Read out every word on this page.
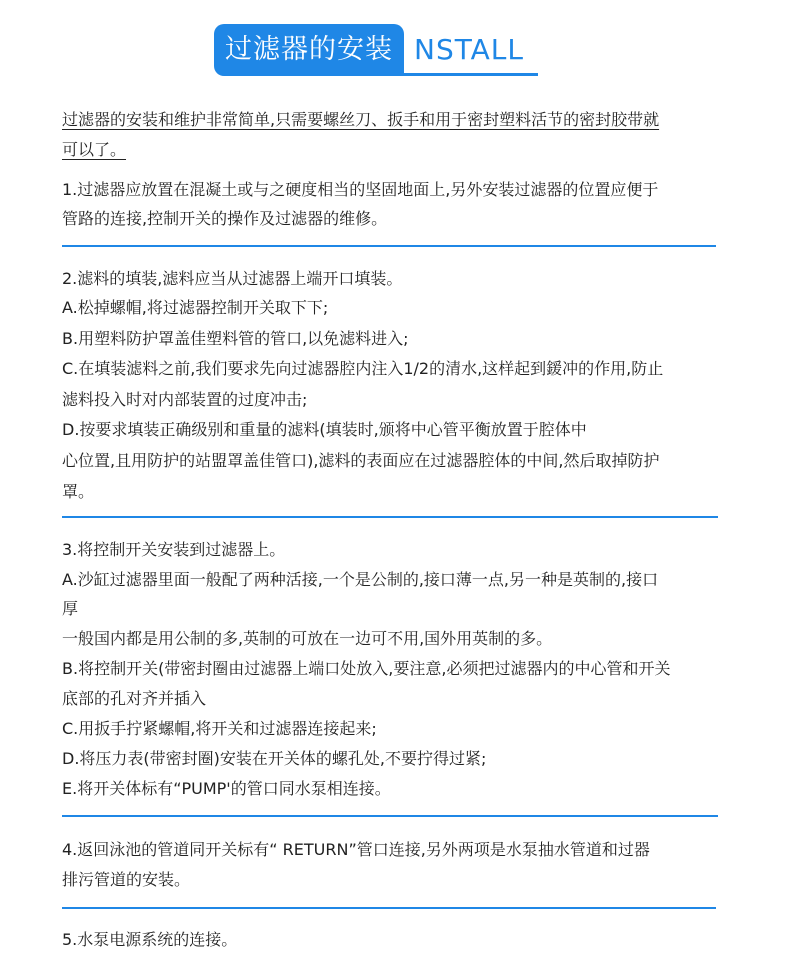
过滤器的安装 NSTALL
过滤器的安装和维护非常简单,只需要螺丝刀、扳手和用于密封塑料活节的密封胶带就
可以了。
1.过滤器应放置在混凝土或与之硬度相当的坚固地面上,另外安装过滤器的位置应便于
管路的连接,控制开关的操作及过滤器的维修。
2.滤料的填装,滤料应当从过滤器上端开口填装。
A.松掉螺帽,将过滤器控制开关取下下;
B.用塑料防护罩盖佳塑料管的管口,以免滤料进入;
C.在填装滤料之前,我们要求先向过滤器腔内注入1/2的清水,这样起到鍰冲的作用,防止
滤料投入时对内部装置的过度冲击;
D.按要求填装正确级别和重量的滤料(填装时,颁将中心管平衡放置于腔体中
心位置,且用防护的站盟罩盖佳管口),滤料的表面应在过滤器腔体的中间,然后取掉防护
罩。
3.将控制开关安装到过滤器上。
A.沙缸过滤器里面一般配了两种活接,一个是公制的,接口薄一点,另一种是英制的,接口
厚
一般国内都是用公制的多,英制的可放在一边可不用,国外用英制的多。
B.将控制开关(带密封圈由过滤器上端口处放入,要注意,必须把过滤器内的中心管和开关
底部的孔对齐并插入
C.用扳手拧紧螺帽,将开关和过滤器连接起来;
D.将压力表(带密封圈)安装在开关体的螺孔处,不要拧得过紧;
E.将开关体标有“PUMP'的管口同水泵相连接。
4.返回泳池的管道同开关标有“ RETURN”管口连接,另外两项是水泵抽水管道和过器
排污管道的安装。
5.水泵电源系统的连接。
